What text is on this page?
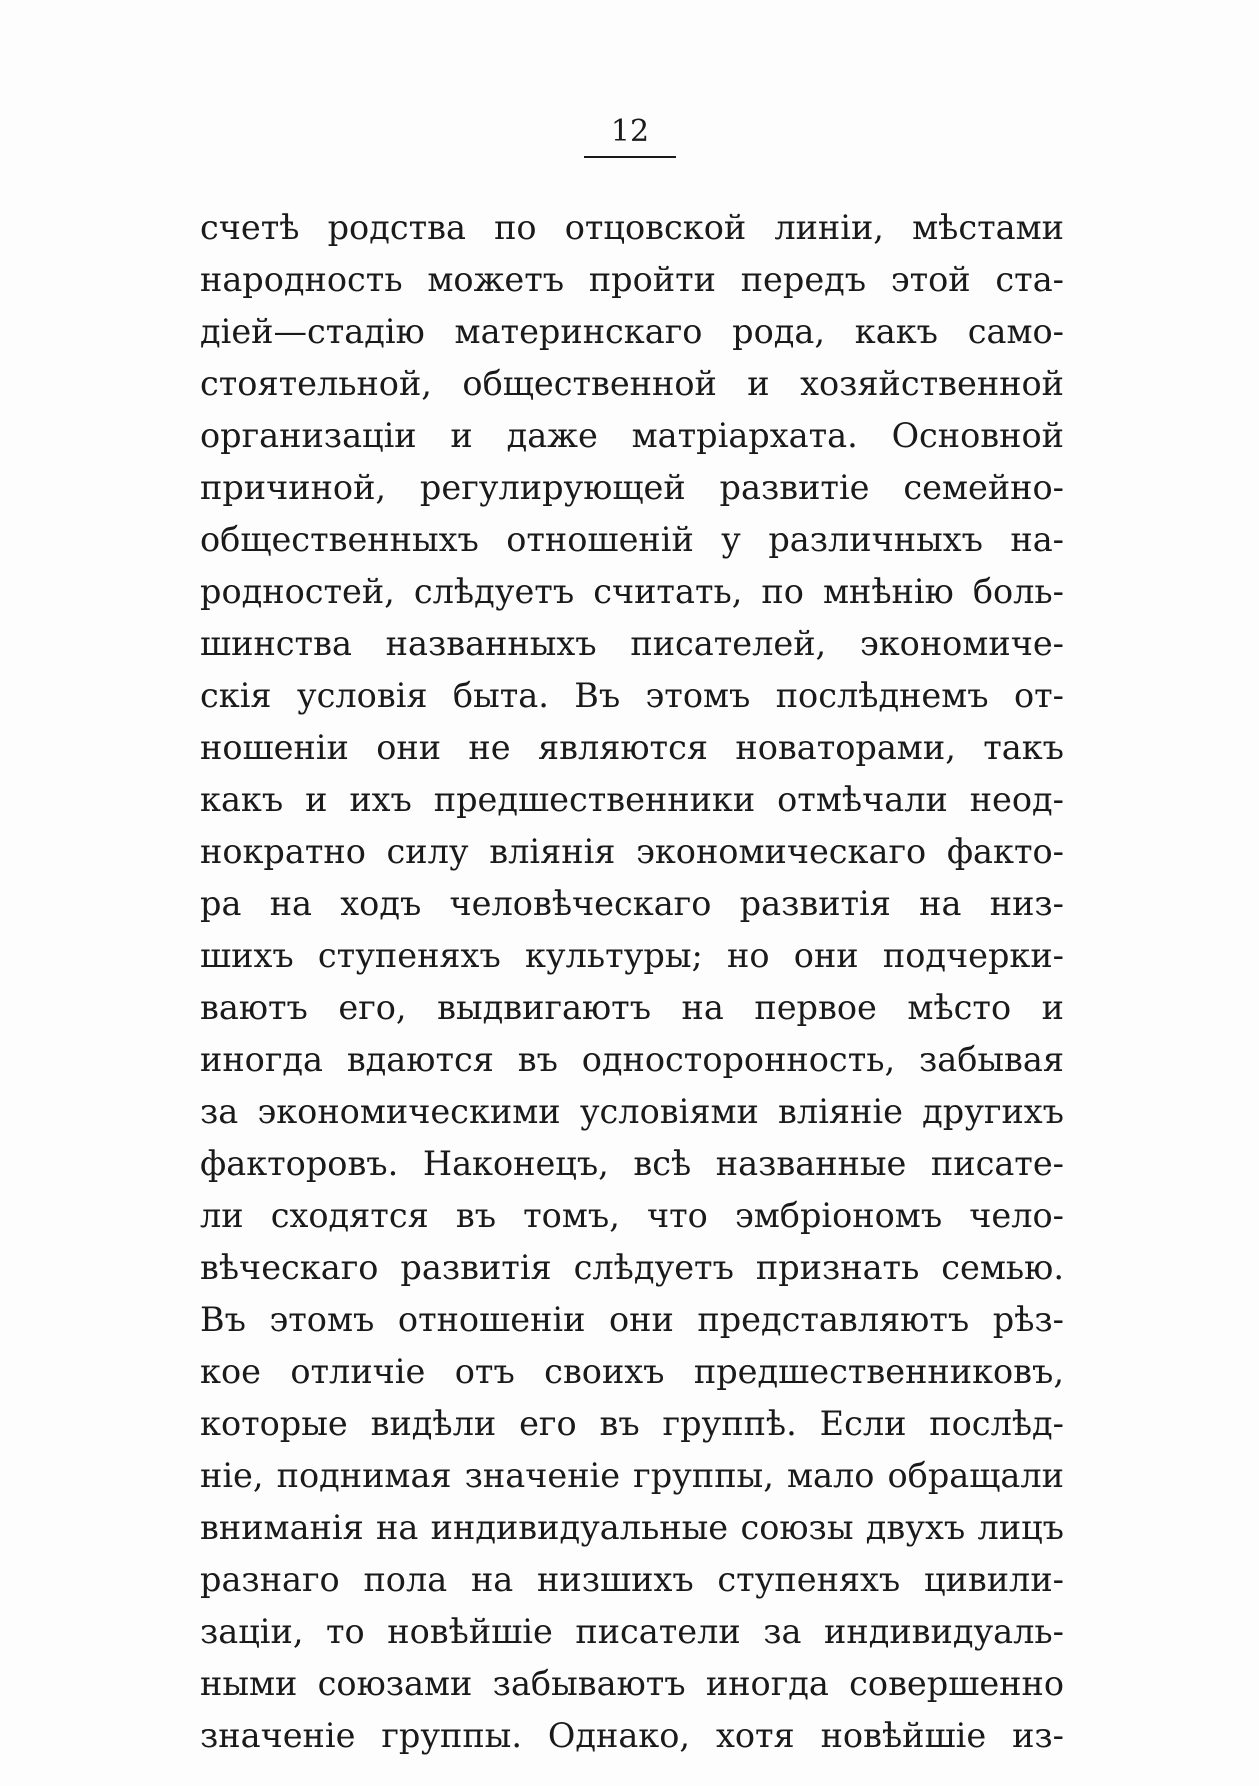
12
счетѣ родства по отцовской линіи, мѣстами
народность можетъ пройти передъ этой ста-
діей—стадію материнскаго рода, какъ само-
стоятельной, общественной и хозяйственной
организаціи и даже матріархата. Основной
причиной, регулирующей развитіе семейно-
общественныхъ отношеній у различныхъ на-
родностей, слѣдуетъ считать, по мнѣнію боль-
шинства названныхъ писателей, экономиче-
скія условія быта. Въ этомъ послѣднемъ от-
ношеніи они не являются новаторами, такъ
какъ и ихъ предшественники отмѣчали неод-
нократно силу вліянія экономическаго факто-
ра на ходъ человѣческаго развитія на низ-
шихъ ступеняхъ культуры; но они подчерки-
ваютъ его, выдвигаютъ на первое мѣсто и
иногда вдаются въ односторонность, забывая
за экономическими условіями вліяніе другихъ
факторовъ. Наконецъ, всѣ названные писате-
ли сходятся въ томъ, что эмбріономъ чело-
вѣческаго развитія слѣдуетъ признать семью.
Въ этомъ отношеніи они представляютъ рѣз-
кое отличіе отъ своихъ предшественниковъ,
которые видѣли его въ группѣ. Если послѣд-
ніе, поднимая значеніе группы, мало обращали
вниманія на индивидуальные союзы двухъ лицъ
разнаго пола на низшихъ ступеняхъ цивили-
заціи, то новѣйшіе писатели за индивидуаль-
ными союзами забываютъ иногда совершенно
значеніе группы. Однако, хотя новѣйшіе из-
